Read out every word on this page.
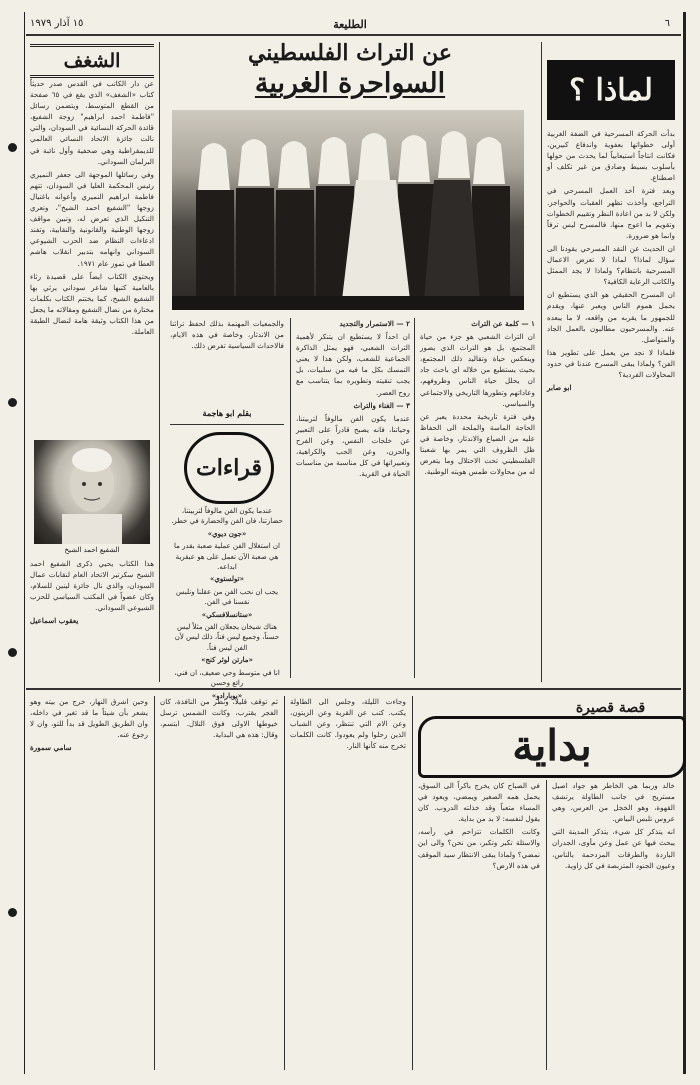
١٥ آذار ١٩٧٩	الطليعة	٦
لماذا ؟

بدأت الحركة المسرحية في الضفة الغربية أولى خطواتها بعفوية واندفاع كبيرين، فكانت انتاجاً استيعابياً لما يحدث من حولها بأسلوب بسيط وصادق من غير تكلف أو اصطناع.

وبعد فترة أخذ العمل المسرحي في التراجع، وأخذت تظهر العقبات والحواجز. ولكن لا بد من اعادة النظر وتقييم الخطوات وتقويم ما اعوج منها، فالمسرح ليس ترفاً وانما هو ضرورة.

ان الحديث عن النقد المسرحي يقودنا الى سؤال لماذا؟ لماذا لا تعرض الاعمال المسرحية بانتظام؟ ولماذا لا يجد الممثل والكاتب الرعاية الكافية؟

ان المسرح الحقيقي هو الذي يستطيع ان يحمل هموم الناس ويعبر عنها، ويقدم للجمهور ما يقربه من واقعه، لا ما يبعده عنه. والمسرحيون مطالبون بالعمل الجاد والمتواصل.

فلماذا لا نجد من يعمل على تطوير هذا الفن؟ ولماذا يبقى المسرح عندنا في حدود المحاولات الفردية؟

ابو صابر

الشغف

عن دار الكاتب في القدس صدر حديثاً كتاب «الشغف» الذي يقع في ٦٥ صفحة من القطع المتوسط، ويتضمن رسائل "فاطمة احمد ابراهيم" زوجة الشفيع، قائدة الحركة النسائية في السودان، والتي نالت جائزة الاتحاد النسائي العالمي للديمقراطية وهي صحفية وأول نائبة في البرلمان السوداني.

وفي رسائلها الموجهة الى جعفر النميري رئيس المحكمة العليا في السودان، تتهم فاطمة ابراهيم النميري وأعوانه باغتيال زوجها "الشفيع احمد الشيخ"، وتعري التنكيل الذي تعرض له، وتبين مواقف زوجها الوطنية والقانونية والنقابية، وتفند ادعاءات النظام ضد الحزب الشيوعي السوداني وانهامه بتدبير انقلاب هاشم العطا في تموز عام ١٩٧١.

ويحتوي الكتاب ايضاً على قصيدة رثاء بالعامية كتبها شاعر سوداني يرثي بها الشفيع الشيخ، كما يختتم الكتاب بكلمات مختارة من نضال الشفيع ومقالاته ما يجعل من هذا الكتاب وثيقة هامة لنضال الطبقة العاملة.

الشفيع احمد الشيخ

هذا الكتاب يحيي ذكرى الشفيع احمد الشيخ سكرتير الاتحاد العام لنقابات عمال السودان، والذي نال جائزة لينين للسلام، وكان عضواً في المكتب السياسي للحزب الشيوعي السوداني.

يعقوب اسماعيل

عن التراث الفلسطيني
السواحرة الغربية

١ — كلمة عن التراث

ان التراث الشعبي هو جزء من حياة المجتمع، بل هو التراث الذي يصور وينعكس حياة وتقاليد ذلك المجتمع، بحيث يستطيع من خلاله اي باحث جاد ان يحلل حياة الناس وظروفهم، وعاداتهم وتطورها التاريخي والاجتماعي والسياسي.

وفي فترة تاريخية محددة يعبر عن الحاجة الماسة والملحة الى الحفاظ عليه من الضياع والاندثار، وخاصة في ظل الظروف التي يمر بها شعبنا الفلسطيني تحت الاحتلال وما يتعرض له من محاولات طمس هويته الوطنية.

٢ — الاستمرار والتجديد

ان احداً لا يستطيع ان يتنكر لأهمية التراث الشعبي، فهو يمثل الذاكرة الجماعية للشعب، ولكن هذا لا يعني التمسك بكل ما فيه من سلبيات، بل يجب تنقيته وتطويره بما يتناسب مع روح العصر.

٣ — الغناء والتراث

عندما يكون الفن مالوفاً لتربيتنا، وحياتنا، فانه يصبح قادراً على التعبير عن خلجات النفس، وعن الفرح والحزن، وعن الحب والكراهية، وتعبيراتها في كل مناسبة من مناسبات الحياة في القرية.

والجمعيات المهتمة بذلك لحفظ تراثنا من الاندثار، وخاصة في هذه الايام، فالاحداث السياسية تفرض ذلك.

بقلم ابو هاجمة
قراءات

عندما يكون الفن مالوفاً لتربيتنا، حضارتنا، فان الفن والحضارة في خطر.

«جون ديوي»

ان استغلال الفن عملية صعبة بقدر ما هي صعبة الآن تعمل على هو عبقرية ابداعه.

«تولستوي»

يجب ان نحب الفن من عقلنا ونلبس نفسنا في الفن.

«ستانسلافسكي»

هناك شيخان يجعلان الفن مثلاً ليس حسناً، وجميع ليس فناً، ذلك ليس لأن الفن ليس فناً.

«مارتن لوثر كنج»

انا في متوسط وحي ضعيف، ان فني، رائع وحسن

«بوبارادو»

قصة قصيرة
بداية

خالد وربما هي الخاطر هو جواد اصيل مستريح في جانب الطاولة يرتشف القهوة، وهو الخجل من العرس، وهي عروس تلبس البياض.

انه يتذكر كل شيء، يتذكر المدينة التي يبحث فيها عن عمل وعن مأوى، الجدران الباردة والطرقات المزدحمة بالناس، وعيون الجنود المتربصة في كل زاوية.

في الصباح كان يخرج باكراً الى السوق، يحمل همه الصغير ويمضي، ويعود في المساء متعباً وقد خذلته الدروب. كان يقول لنفسه: لا بد من بداية.

وكانت الكلمات تتزاحم في رأسه، والاسئلة تكبر وتكبر، من نحن؟ والى اين نمضي؟ ولماذا يبقى الانتظار سيد الموقف في هذه الارض؟

وجاءت الليلة، وجلس الى الطاولة يكتب. كتب عن القرية وعن الزيتون، وعن الام التي تنتظر، وعن الشباب الذين رحلوا ولم يعودوا. كانت الكلمات تخرج منه كأنها النار.

ثم توقف قليلاً، ونظر من النافذة، كان الفجر يقترب، وكانت الشمس ترسل خيوطها الاولى فوق التلال. ابتسم، وقال: هذه هي البداية.

وحين اشرق النهار، خرج من بيته وهو يشعر بأن شيئاً ما قد تغير في داخله، وان الطريق الطويل قد بدأ للتو، وان لا رجوع عنه.

سامي سمورة
